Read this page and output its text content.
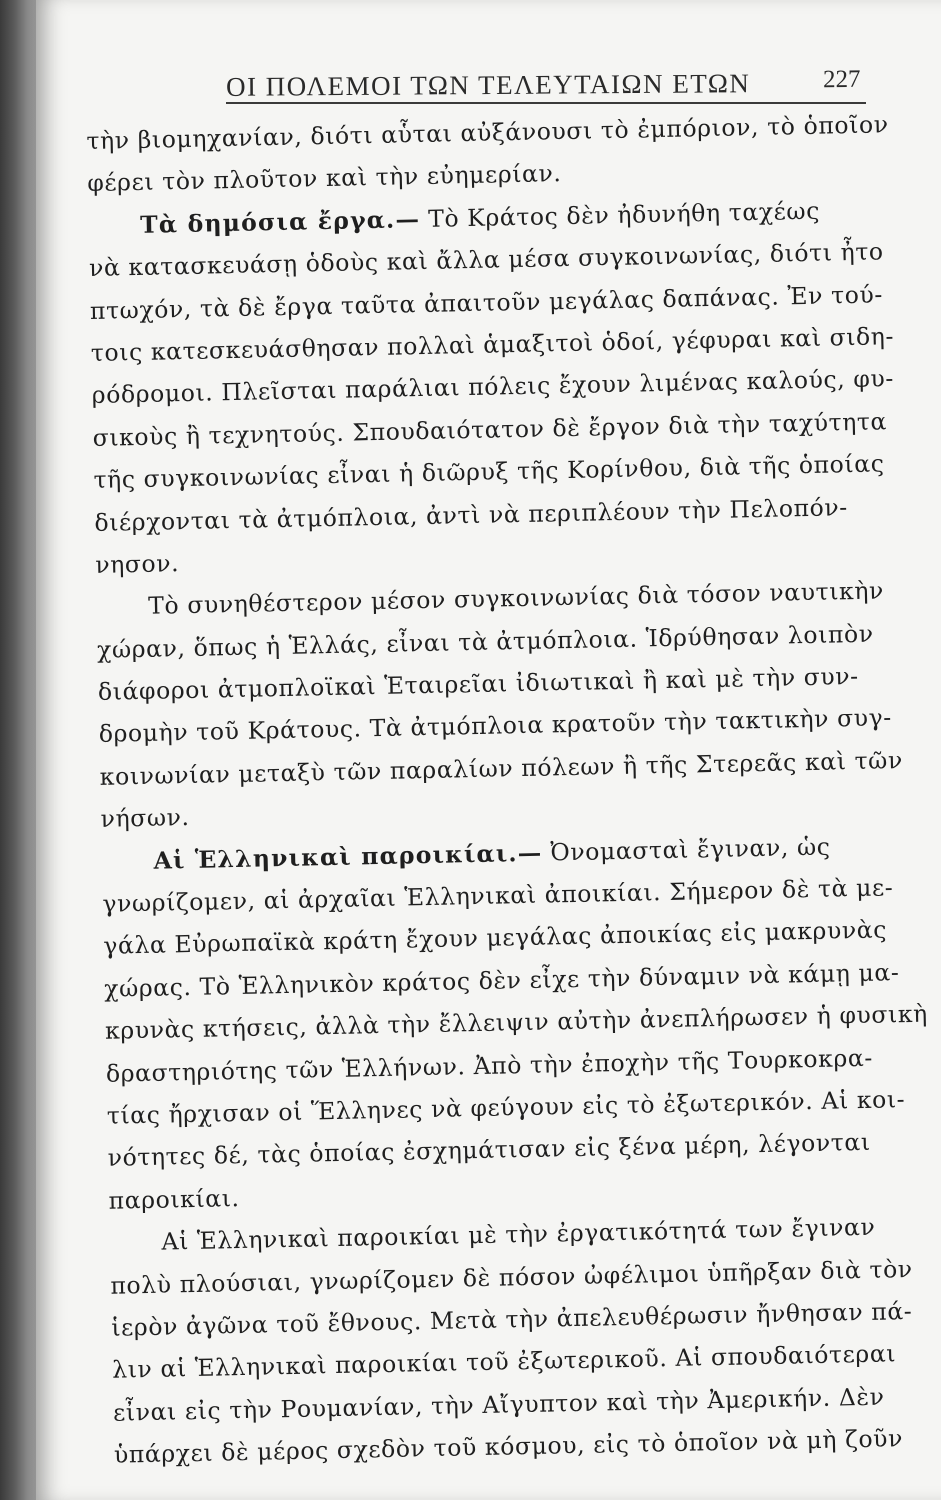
ΟΙ ΠΟΛΕΜΟΙ ΤΩΝ ΤΕΛΕΥΤΑΙΩΝ ΕΤΩΝ	227

τὴν βιομηχανίαν, διότι αὗται αὐξάνουσι τὸ ἐμπόριον, τὸ ὁποῖον
φέρει τὸν πλοῦτον καὶ τὴν εὐημερίαν.

Τὰ δημόσια ἔργα.— Τὸ Κράτος δὲν ἠδυνήθη ταχέως
νὰ κατασκευάσῃ ὁδοὺς καὶ ἄλλα μέσα συγκοινωνίας, διότι ἦτο
πτωχόν, τὰ δὲ ἔργα ταῦτα ἀπαιτοῦν μεγάλας δαπάνας. Ἐν τού-
τοις κατεσκευάσθησαν πολλαὶ ἁμαξιτοὶ ὁδοί, γέφυραι καὶ σιδη-
ρόδρομοι. Πλεῖσται παράλιαι πόλεις ἔχουν λιμένας καλούς, φυ-
σικοὺς ἢ τεχνητούς. Σπουδαιότατον δὲ ἔργον διὰ τὴν ταχύτητα
τῆς συγκοινωνίας εἶναι ἡ διῶρυξ τῆς Κορίνθου, διὰ τῆς ὁποίας
διέρχονται τὰ ἀτμόπλοια, ἀντὶ νὰ περιπλέουν τὴν Πελοπόν-
νησον.

Τὸ συνηθέστερον μέσον συγκοινωνίας διὰ τόσον ναυτικὴν
χώραν, ὅπως ἡ Ἑλλάς, εἶναι τὰ ἀτμόπλοια. Ἱδρύθησαν λοιπὸν
διάφοροι ἀτμοπλοϊκαὶ Ἑταιρεῖαι ἰδιωτικαὶ ἢ καὶ μὲ τὴν συν-
δρομὴν τοῦ Κράτους. Τὰ ἀτμόπλοια κρατοῦν τὴν τακτικὴν συγ-
κοινωνίαν μεταξὺ τῶν παραλίων πόλεων ἢ τῆς Στερεᾶς καὶ τῶν
νήσων.

Αἱ Ἑλληνικαὶ παροικίαι.— Ὀνομασταὶ ἔγιναν, ὡς
γνωρίζομεν, αἱ ἀρχαῖαι Ἑλληνικαὶ ἀποικίαι. Σήμερον δὲ τὰ με-
γάλα Εὐρωπαϊκὰ κράτη ἔχουν μεγάλας ἀποικίας εἰς μακρυνὰς
χώρας. Τὸ Ἑλληνικὸν κράτος δὲν εἶχε τὴν δύναμιν νὰ κάμῃ μα-
κρυνὰς κτήσεις, ἀλλὰ τὴν ἔλλειψιν αὐτὴν ἀνεπλήρωσεν ἡ φυσικὴ
δραστηριότης τῶν Ἑλλήνων. Ἀπὸ τὴν ἐποχὴν τῆς Τουρκοκρα-
τίας ἤρχισαν οἱ Ἕλληνες νὰ φεύγουν εἰς τὸ ἐξωτερικόν. Αἱ κοι-
νότητες δέ, τὰς ὁποίας ἐσχημάτισαν εἰς ξένα μέρη, λέγονται
παροικίαι.

Αἱ Ἑλληνικαὶ παροικίαι μὲ τὴν ἐργατικότητά των ἔγιναν
πολὺ πλούσιαι, γνωρίζομεν δὲ πόσον ὠφέλιμοι ὑπῆρξαν διὰ τὸν
ἱερὸν ἀγῶνα τοῦ ἔθνους. Μετὰ τὴν ἀπελευθέρωσιν ἤνθησαν πά-
λιν αἱ Ἑλληνικαὶ παροικίαι τοῦ ἐξωτερικοῦ. Αἱ σπουδαιότεραι
εἶναι εἰς τὴν Ρουμανίαν, τὴν Αἴγυπτον καὶ τὴν Ἀμερικήν. Δὲν
ὑπάρχει δὲ μέρος σχεδὸν τοῦ κόσμου, εἰς τὸ ὁποῖον νὰ μὴ ζοῦν
